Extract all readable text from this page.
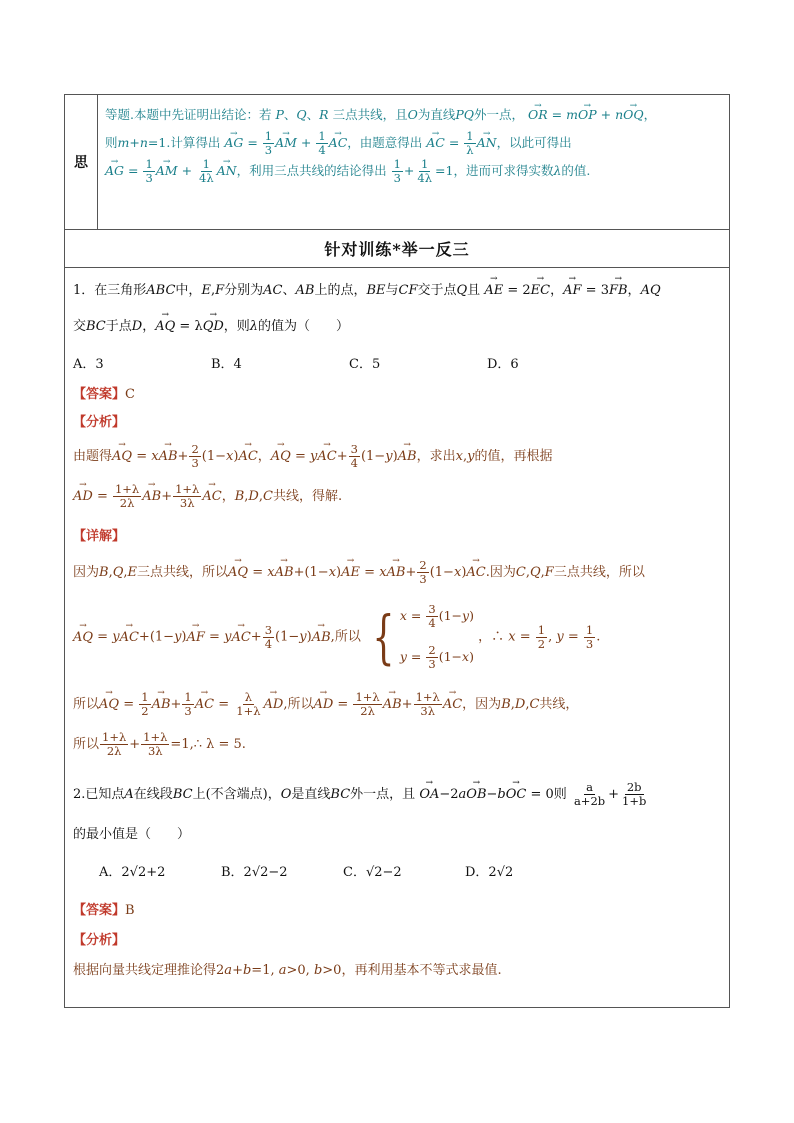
思
等题.本题中先证明出结论：若 P、Q、R 三点共线，且O为直线PQ外一点， → OR = m→ OP + n→ OQ，
则m+n=1.计算得出 → AG = $\frac{1}{3}$
→ AM + $\frac{1}{4}$
→ AC，由题意得出 → AC = $\frac{1}{\lambda}$
→ AN，以此可得出
→ AG = $\frac{1}{3}$
→ AM + $\frac{1}{4\lambda}$
→ AN，利用三点共线的结论得出 $\frac{1}{3} + \frac{1}{4\lambda} =1$，进而可求得实数λ的值.
针对训练*举一反三
1．在三角形ABC中，E,F分别为AC、AB上的点，BE与CF交于点Q且 → AE = 2→ EC，→ AF = 3→ FB，AQ
交BC于点D，→ AQ = λ→ QD，则λ的值为（　　）
A．3	B．4	C．5	D．6
【答案】C
【分析】
由题得→ AQ = $x\to AB+ \frac{2}{3} (1-x)\to$ AC，→ AQ = $y\to AC+ \frac{3}{4} (1-y)\to$ AB，求出x,y的值，再根据
→ AD = $\frac{1+\lambda}{2\lambda}$
→ $AB+ \frac{1+\lambda}{3\lambda}$
→ AC，B,D,C共线，得解.
【详解】
因为B,Q,E三点共线，所以→ AQ = x→ AB+(1−x)→ AE = $x\to AB+ \frac{2}{3} (1-x)\to$ AC.因为C,Q,F三点共线，所以
→ AQ = y→ AC+(1−y)→ AF = $y\to AC+ \frac{3}{4} (1-y)\to$ AB,所以 { $x = \frac{3}{4} (1-y)$
$y = \frac{2}{3} (1-x)$
，∴ $x = \frac{1}{2}$ , $y = \frac{1}{3}$ .
所以→ AQ = $\frac{1}{2}$
→ $AB+ \frac{1}{3}$
→ AC = $\frac{\lambda}{1+\lambda}$
→ AD,所以→ AD = $\frac{1+\lambda}{2\lambda}$
→ $AB+ \frac{1+\lambda}{3\lambda}$
→ AC，因为B,D,C共线，
所以 $\frac{1+\lambda}{2\lambda} + \frac{1+\lambda}{3\lambda}$ =1,∴ λ = 5.
2.已知点A在线段BC上(不含端点)，O是直线BC外一点，且 → OA−2a→ OB−b→ OC = 0则 $\frac{a}{a+2b} + \frac{2b}{1+b}$
的最小值是（　　）
A．2√2+2	B．2√2−2	C．√2−2	D．2√2
【答案】B
【分析】
根据向量共线定理推论得2a+b=1, a>0, b>0，再利用基本不等式求最值.
